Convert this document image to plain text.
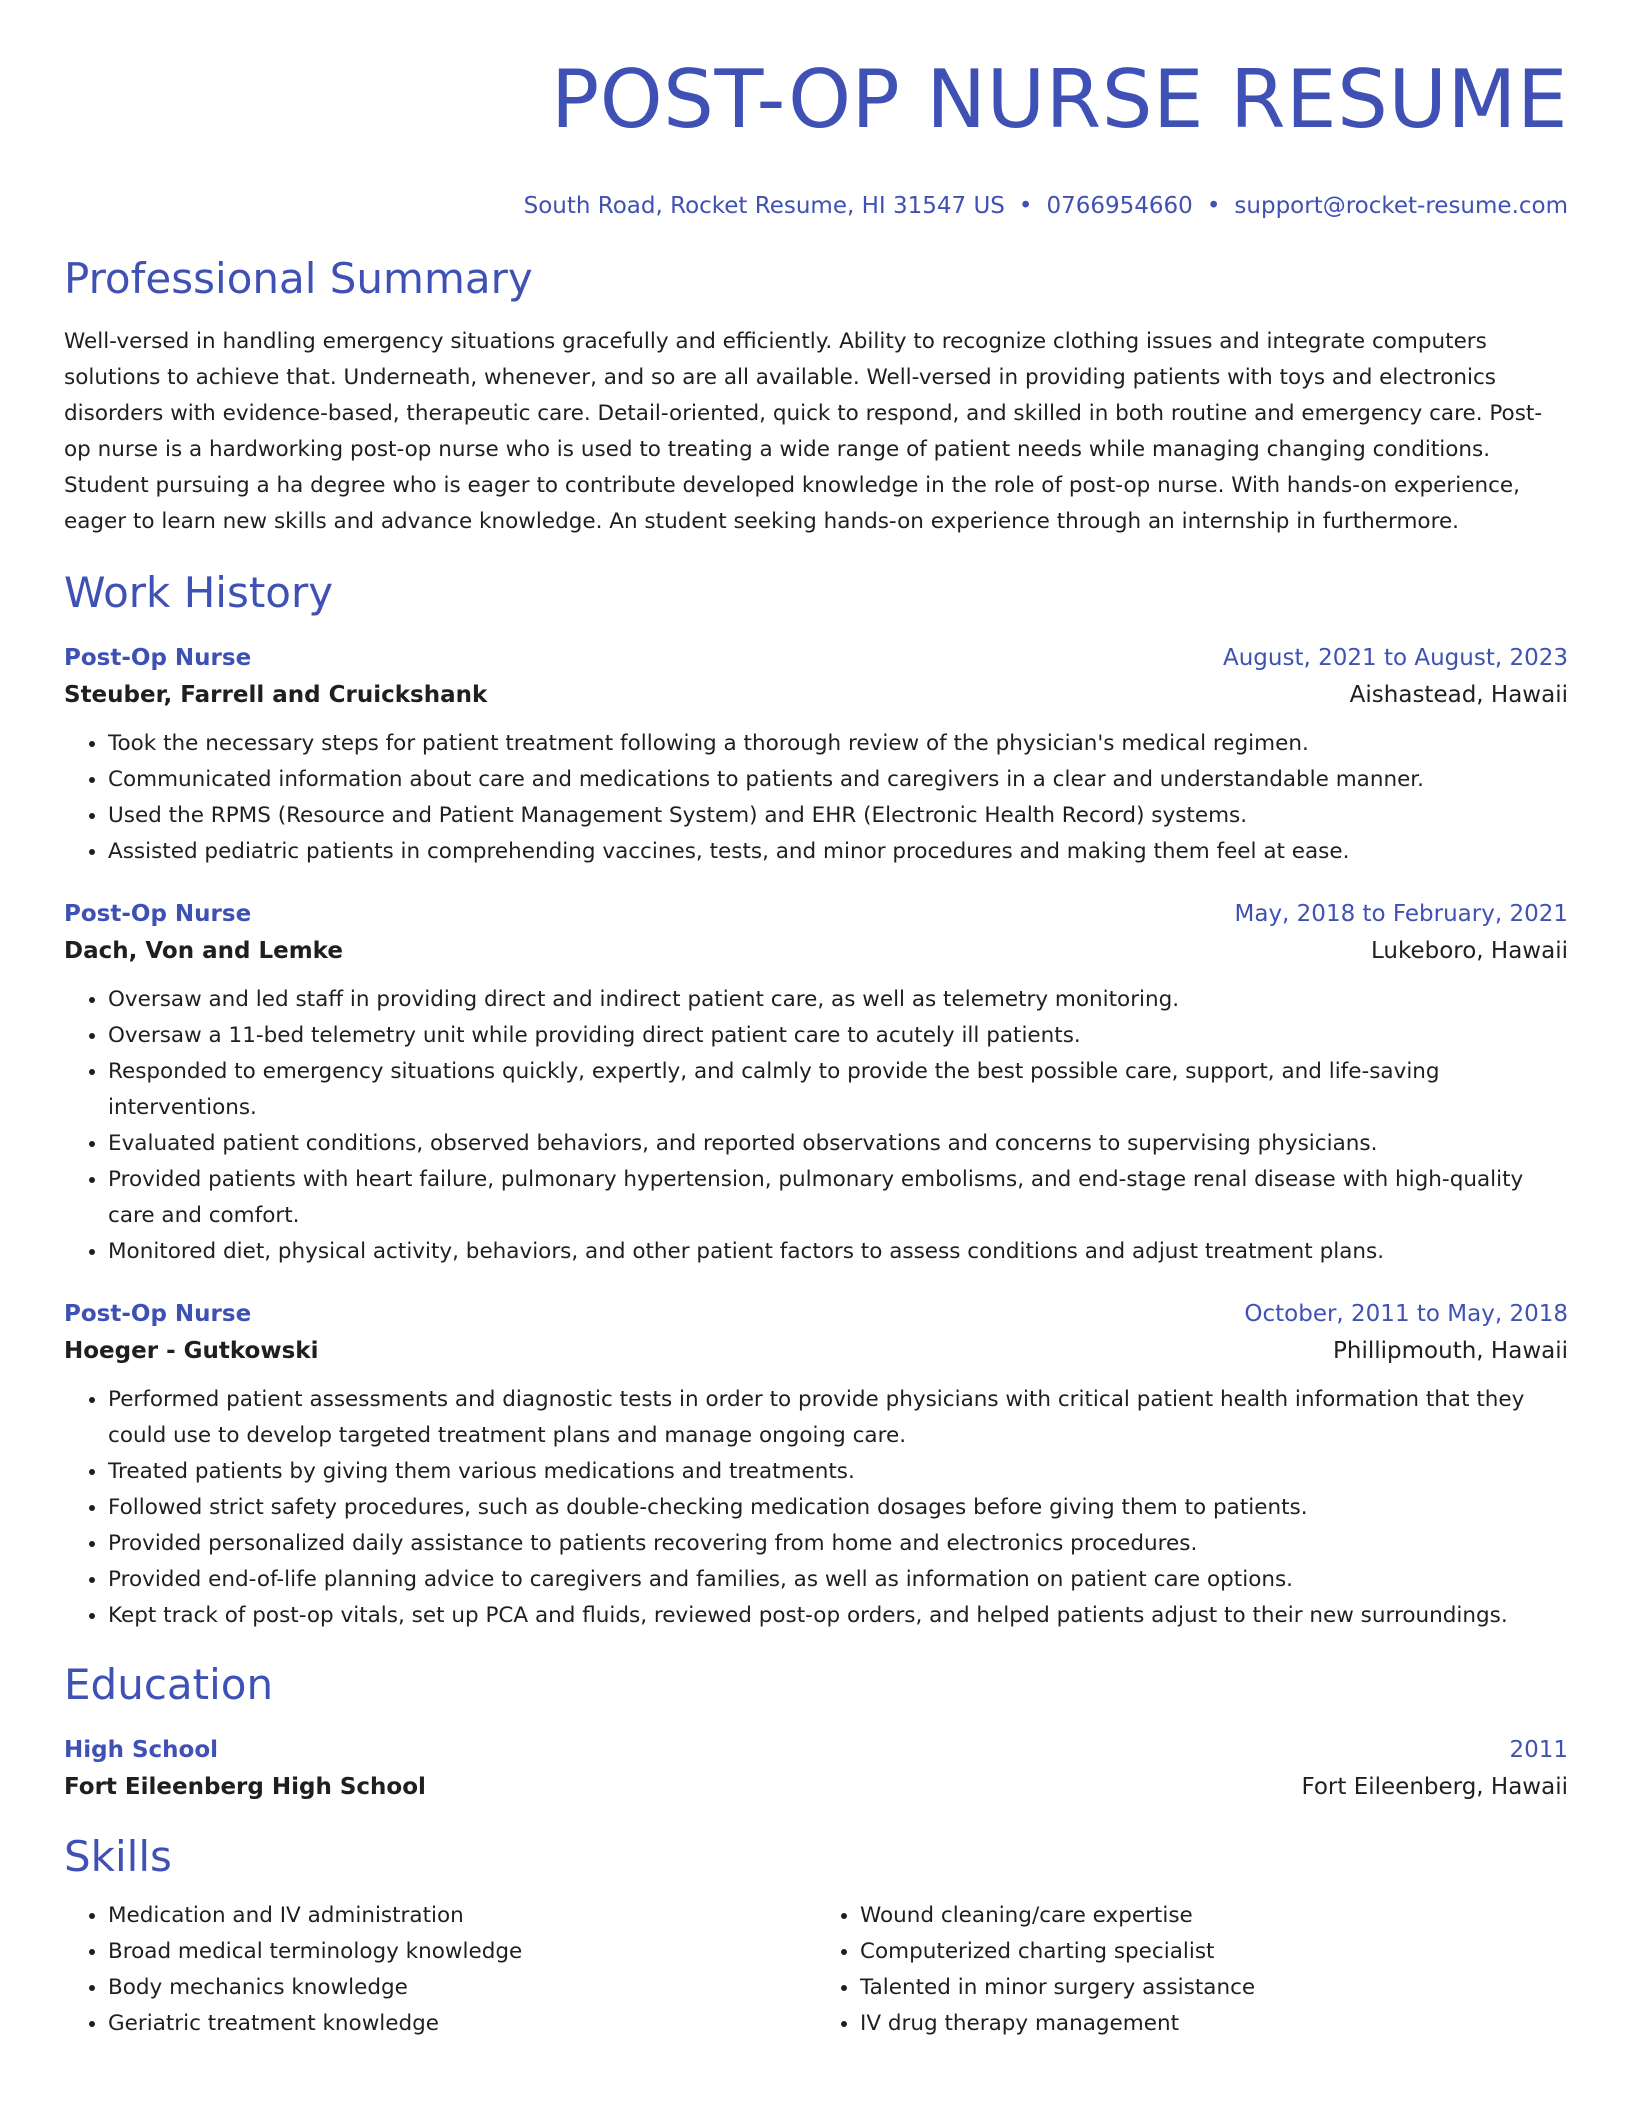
POST-OP NURSE RESUME
South Road, Rocket Resume, HI 31547 US • 0766954660 • support@rocket-resume.com
Professional Summary

Well-versed in handling emergency situations gracefully and efficiently. Ability to recognize clothing issues and integrate computers solutions to achieve that. Underneath, whenever, and so are all available. Well-versed in providing patients with toys and electronics disorders with evidence-based, therapeutic care. Detail-oriented, quick to respond, and skilled in both routine and emergency care. Post-op nurse is a hardworking post-op nurse who is used to treating a wide range of patient needs while managing changing conditions. Student pursuing a ha degree who is eager to contribute developed knowledge in the role of post-op nurse. With hands-on experience, eager to learn new skills and advance knowledge. An student seeking hands-on experience through an internship in furthermore.

Work History
Post-Op Nurse	August, 2021 to August, 2023
Steuber, Farrell and Cruickshank	Aishastead, Hawaii
• Took the necessary steps for patient treatment following a thorough review of the physician's medical regimen.
• Communicated information about care and medications to patients and caregivers in a clear and understandable manner.
• Used the RPMS (Resource and Patient Management System) and EHR (Electronic Health Record) systems.
• Assisted pediatric patients in comprehending vaccines, tests, and minor procedures and making them feel at ease.
Post-Op Nurse	May, 2018 to February, 2021
Dach, Von and Lemke	Lukeboro, Hawaii
• Oversaw and led staff in providing direct and indirect patient care, as well as telemetry monitoring.
• Oversaw a 11-bed telemetry unit while providing direct patient care to acutely ill patients.
• Responded to emergency situations quickly, expertly, and calmly to provide the best possible care, support, and life-saving interventions.
• Evaluated patient conditions, observed behaviors, and reported observations and concerns to supervising physicians.
• Provided patients with heart failure, pulmonary hypertension, pulmonary embolisms, and end-stage renal disease with high-quality care and comfort.
• Monitored diet, physical activity, behaviors, and other patient factors to assess conditions and adjust treatment plans.
Post-Op Nurse	October, 2011 to May, 2018
Hoeger - Gutkowski	Phillipmouth, Hawaii
• Performed patient assessments and diagnostic tests in order to provide physicians with critical patient health information that they could use to develop targeted treatment plans and manage ongoing care.
• Treated patients by giving them various medications and treatments.
• Followed strict safety procedures, such as double-checking medication dosages before giving them to patients.
• Provided personalized daily assistance to patients recovering from home and electronics procedures.
• Provided end-of-life planning advice to caregivers and families, as well as information on patient care options.
• Kept track of post-op vitals, set up PCA and fluids, reviewed post-op orders, and helped patients adjust to their new surroundings.
Education
High School	2011
Fort Eileenberg High School	Fort Eileenberg, Hawaii
Skills
• Medication and IV administration
• Broad medical terminology knowledge
• Body mechanics knowledge
• Geriatric treatment knowledge
• Wound cleaning/care expertise
• Computerized charting specialist
• Talented in minor surgery assistance
• IV drug therapy management
